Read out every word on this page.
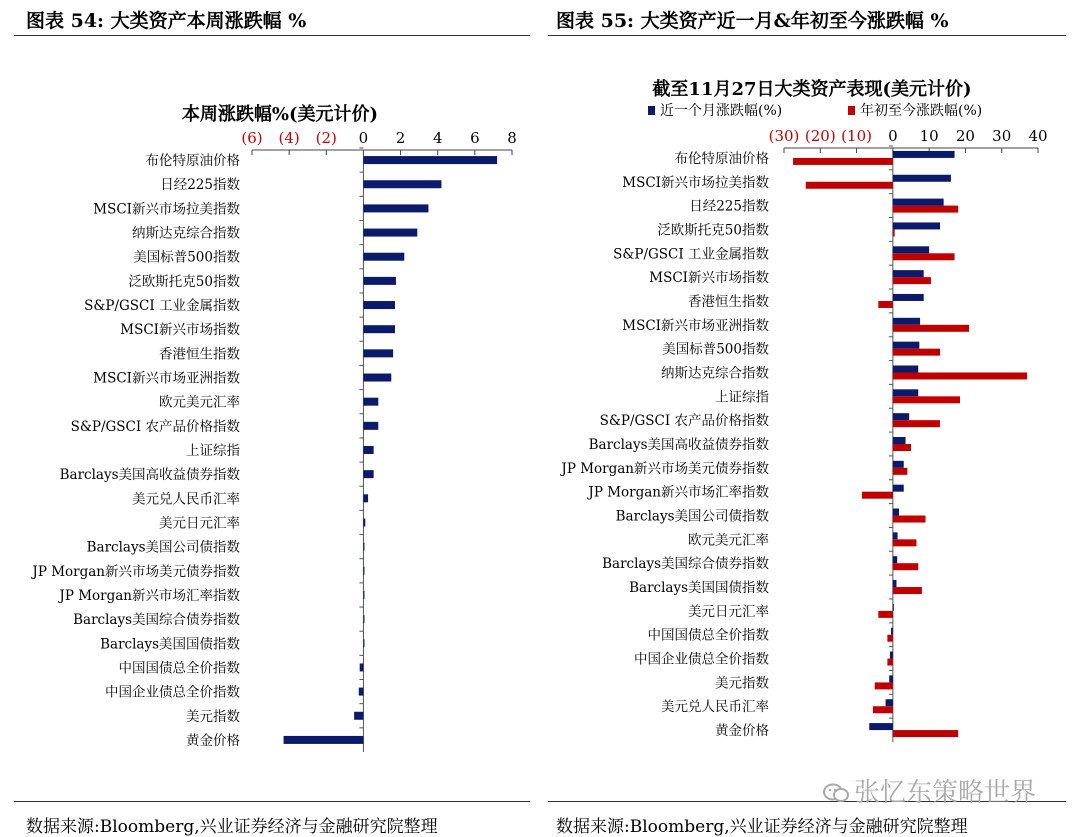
图表 54: 大类资产本周涨跌幅 %	图表 55: 大类资产近一月&年初至今涨跌幅 %
本周涨跌幅%(美元计价)
(6) (4) (2) 0 2 4 6 8
布伦特原油价格
日经225指数
MSCI新兴市场拉美指数
纳斯达克综合指数
美国标普500指数
泛欧斯托克50指数
S&P/GSCI 工业金属指数
MSCI新兴市场指数
香港恒生指数
MSCI新兴市场亚洲指数
欧元美元汇率
S&P/GSCI 农产品价格指数
上证综指
Barclays美国高收益债券指数
美元兑人民币汇率
美元日元汇率
Barclays美国公司债指数
JP Morgan新兴市场美元债券指数
JP Morgan新兴市场汇率指数
Barclays美国综合债券指数
Barclays美国国债指数
中国国债总全价指数
中国企业债总全价指数
美元指数
黄金价格
截至11月27日大类资产表现(美元计价)
近一个月涨跌幅(%)	年初至今涨跌幅(%)
(30) (20) (10) 0 10 20 30 40
布伦特原油价格
MSCI新兴市场拉美指数
日经225指数
泛欧斯托克50指数
S&P/GSCI 工业金属指数
MSCI新兴市场指数
香港恒生指数
MSCI新兴市场亚洲指数
美国标普500指数
纳斯达克综合指数
上证综指
S&P/GSCI 农产品价格指数
Barclays美国高收益债券指数
JP Morgan新兴市场美元债券指数
JP Morgan新兴市场汇率指数
Barclays美国公司债指数
欧元美元汇率
Barclays美国综合债券指数
Barclays美国国债指数
美元日元汇率
中国国债总全价指数
中国企业债总全价指数
美元指数
美元兑人民币汇率
黄金价格
数据来源:Bloomberg,兴业证券经济与金融研究院整理	数据来源:Bloomberg,兴业证券经济与金融研究院整理
张忆东策略世界
